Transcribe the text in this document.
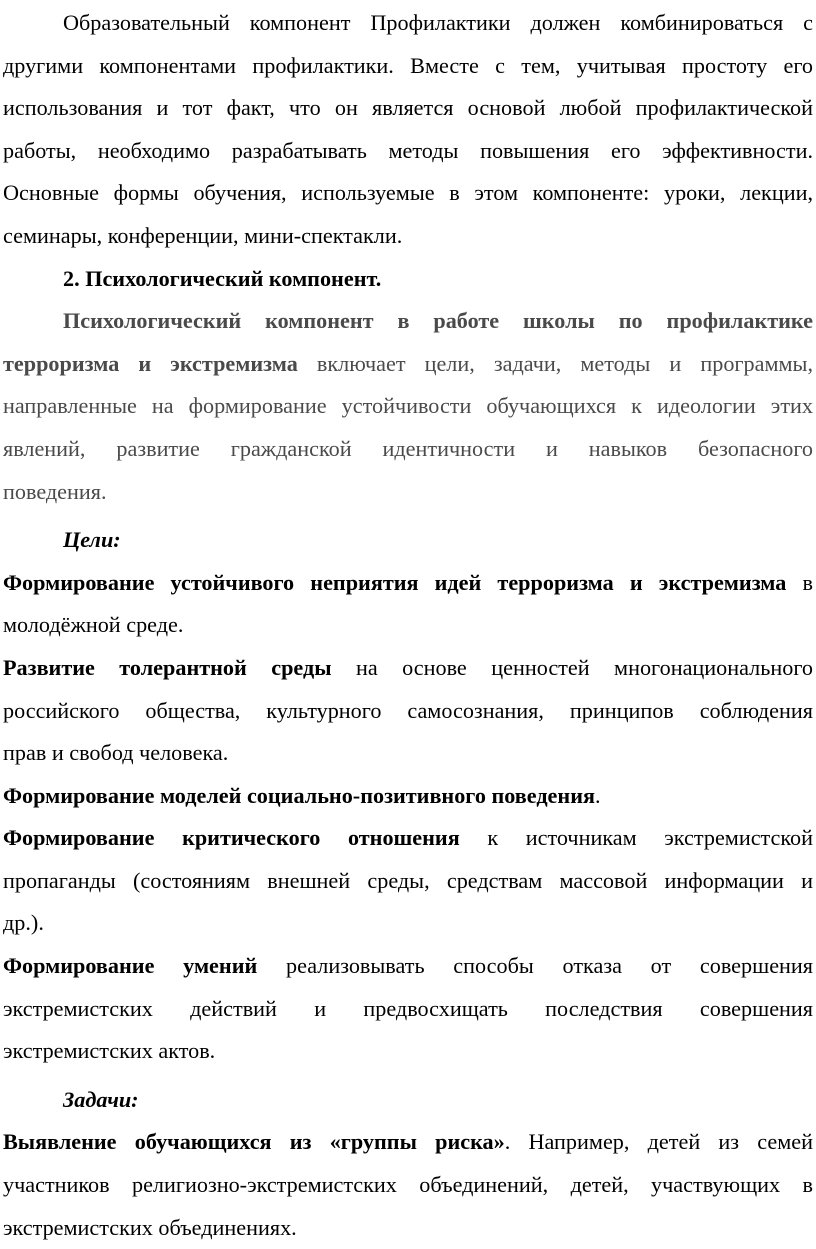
Образовательный компонент Профилактики должен комбинироваться с
другими компонентами профилактики. Вместе с тем, учитывая простоту его
использования и тот факт, что он является основой любой профилактической
работы, необходимо разрабатывать методы повышения его эффективности.
Основные формы обучения, используемые в этом компоненте: уроки, лекции,
семинары, конференции, мини-спектакли.
2. Психологический компонент.
Психологический компонент в работе школы по профилактике
терроризма и экстремизма включает цели, задачи, методы и программы,
направленные на формирование устойчивости обучающихся к идеологии этих
явлений, развитие гражданской идентичности и навыков безопасного
поведения.
Цели:
Формирование устойчивого неприятия идей терроризма и экстремизма в
молодёжной среде.
Развитие толерантной среды на основе ценностей многонационального
российского общества, культурного самосознания, принципов соблюдения
прав и свобод человека.
Формирование моделей социально-позитивного поведения.
Формирование критического отношения к источникам экстремистской
пропаганды (состояниям внешней среды, средствам массовой информации и
др.).
Формирование умений реализовывать способы отказа от совершения
экстремистских действий и предвосхищать последствия совершения
экстремистских актов.
Задачи:
Выявление обучающихся из «группы риска». Например, детей из семей
участников религиозно-экстремистских объединений, детей, участвующих в
экстремистских объединениях.
